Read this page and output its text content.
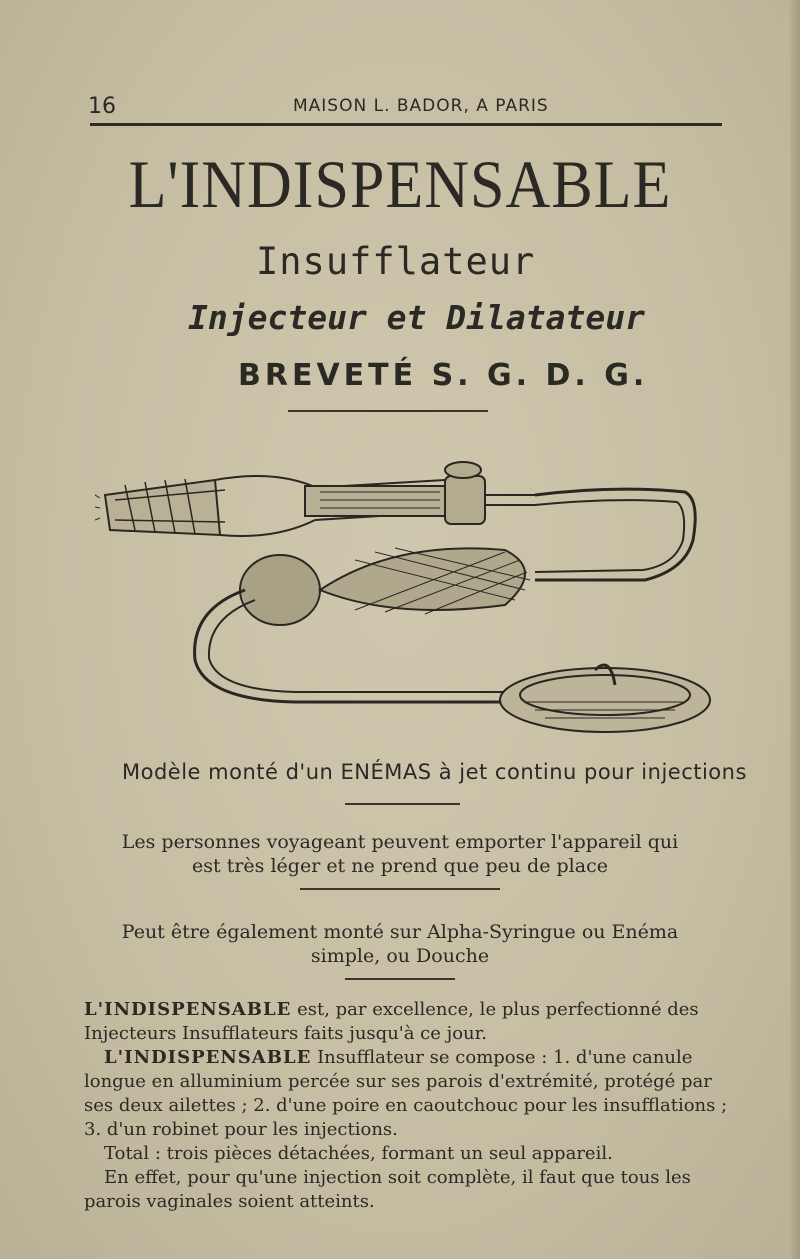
16	MAISON L. BADOR, A PARIS
L'INDISPENSABLE
Insufflateur
Injecteur et Dilatateur
BREVETÉ S. G. D. G.
Modèle monté d'un ENÉMAS à jet continu pour injections
Les personnes voyageant peuvent emporter l'appareil qui
est très léger et ne prend que peu de place
Peut être également monté sur Alpha-Syringue ou Enéma
simple, ou Douche

L'INDISPENSABLE est, par excellence, le plus perfectionné des Injecteurs Insufflateurs faits jusqu'à ce jour.

L'INDISPENSABLE Insufflateur se compose : 1. d'une canule longue en alluminium percée sur ses parois d'extrémité, protégé par ses deux ailettes ; 2. d'une poire en caoutchouc pour les insufflations ; 3. d'un robinet pour les injections.

Total : trois pièces détachées, formant un seul appareil.

En effet, pour qu'une injection soit complète, il faut que tous les parois vaginales soient atteints.
